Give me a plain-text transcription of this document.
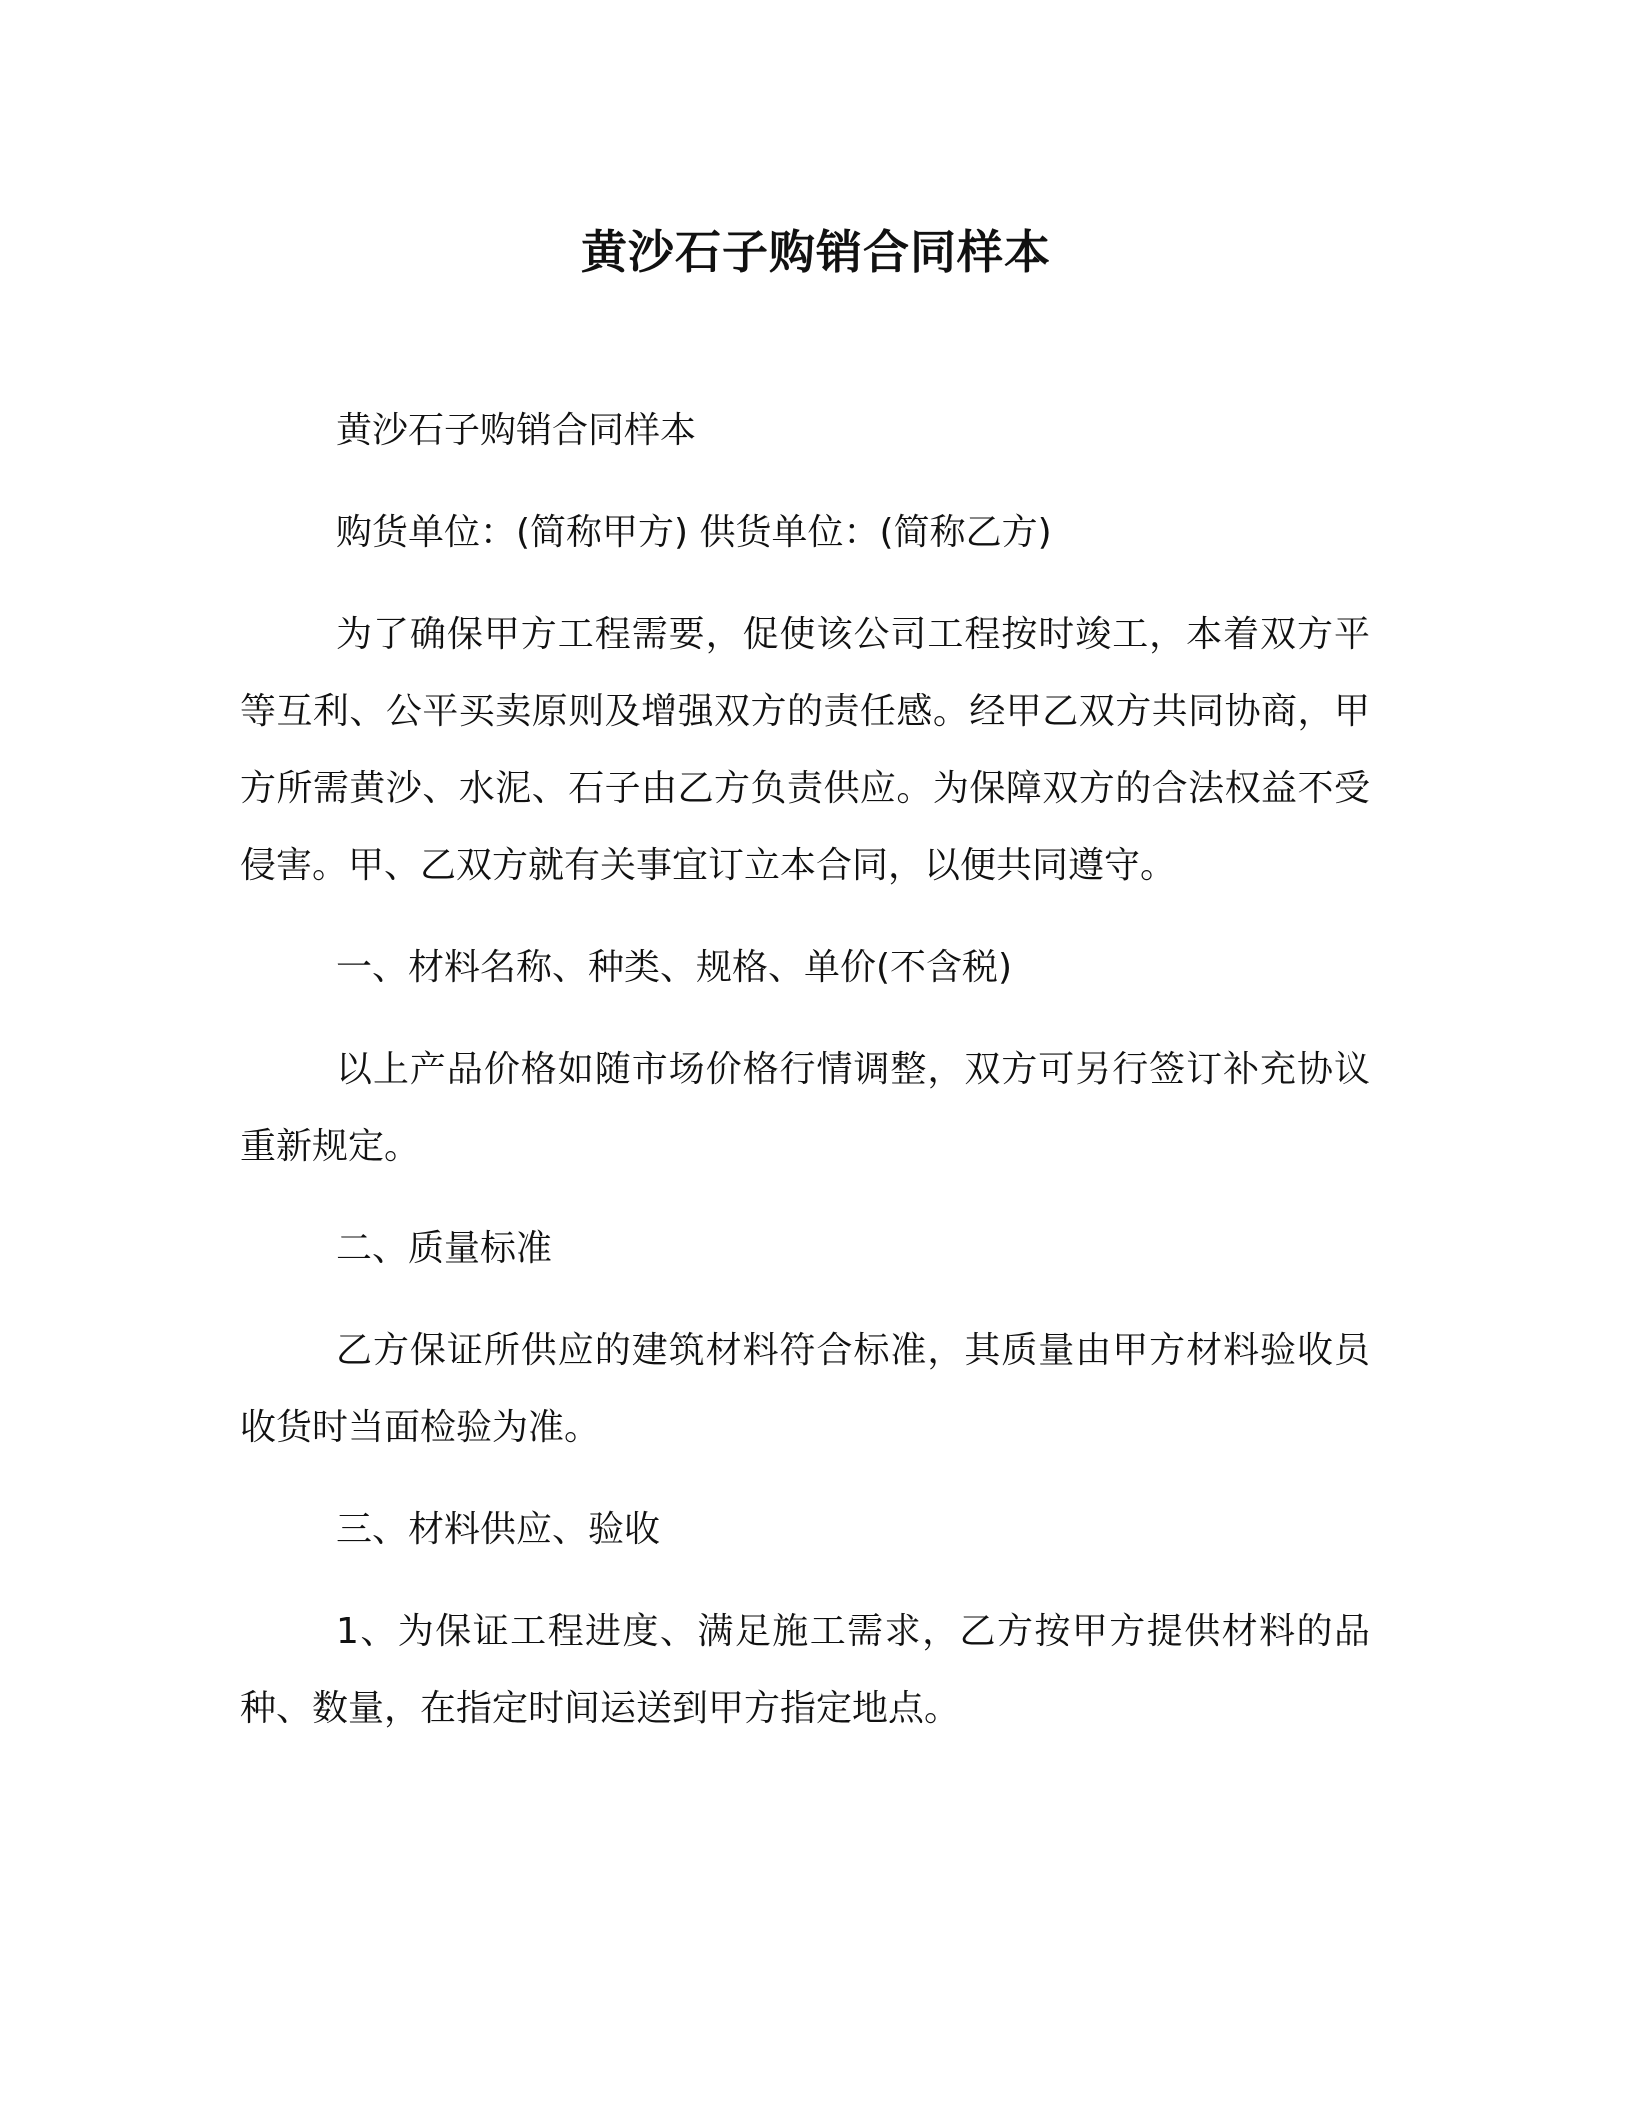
黄沙石子购销合同样本

黄沙石子购销合同样本

购货单位：(简称甲方) 供货单位：(简称乙方)

为了确保甲方工程需要，促使该公司工程按时竣工，本着双方平等互利、公平买卖原则及增强双方的责任感。经甲乙双方共同协商，甲方所需黄沙、水泥、石子由乙方负责供应。为保障双方的合法权益不受侵害。甲、乙双方就有关事宜订立本合同，以便共同遵守。

一、材料名称、种类、规格、单价(不含税)

以上产品价格如随市场价格行情调整，双方可另行签订补充协议重新规定。

二、质量标准

乙方保证所供应的建筑材料符合标准，其质量由甲方材料验收员收货时当面检验为准。

三、材料供应、验收

1、为保证工程进度、满足施工需求，乙方按甲方提供材料的品种、数量，在指定时间运送到甲方指定地点。
